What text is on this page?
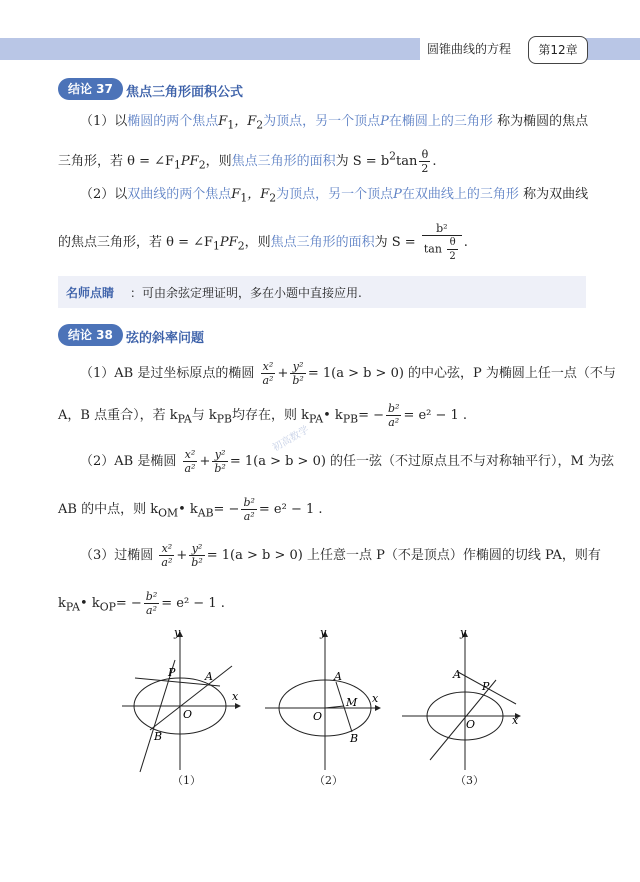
圆锥曲线的方程	第12章
结论 37	焦点三角形面积公式
（1）以椭圆的两个焦点$F_1$，$F_2$为顶点，另一个顶点P在椭圆上的三角形 称为椭圆的焦点
三角形，若 $\theta = \angle F_1PF_2$，则焦点三角形的面积为 $S = b^2\tan \frac{\theta}{2}$ .
（2）以双曲线的两个焦点$F_1$，$F_2$为顶点，另一个顶点P在双曲线上的三角形 称为双曲线
的焦点三角形，若 $\theta = \angle F_1PF_2$，则焦点三角形的面积为 $S = \frac{\text{b²}}{\tan \frac{\theta}{2}}$ .
名师点睛 ：可由余弦定理证明，多在小题中直接应用.
结论 38	弦的斜率问题
（1）AB 是过坐标原点的椭圆 $\frac{\text{x²}}{\text{a²}} + \frac{\text{y²}}{\text{b²}} = 1(a > b > 0)$ 的中心弦，P 为椭圆上任一点（不与
A，B 点重合），若 $k_{PA}$与 $k_{PB}$均存在，则 $k_{PA}•$ $k_{PB}= - \frac{\text{b²}}{\text{a²}} = e^2 - 1$ .
（2）AB 是椭圆 $\frac{\text{x²}}{\text{a²}} + \frac{\text{y²}}{\text{b²}} = 1(a > b > 0)$ 的任一弦（不过原点且不与对称轴平行），M 为弦
AB 的中点，则 $k_{OM}•$ $k_{AB}= - \frac{\text{b²}}{\text{a²}} = e^2 - 1$ .
（3）过椭圆 $\frac{\text{x²}}{\text{a²}} + \frac{\text{y²}}{\text{b²}} = 1(a > b > 0)$ 上任意一点 P（不是顶点）作椭圆的切线 PA，则有
$k_{PA}•$ $k_{OP}= - \frac{\text{b²}}{\text{a²}} = e^2 - 1$ .
初高数学
y
x
O
A
P
B
y
x
O
A
M
B
y
x
O
A
P
（1）	（2）	（3）
